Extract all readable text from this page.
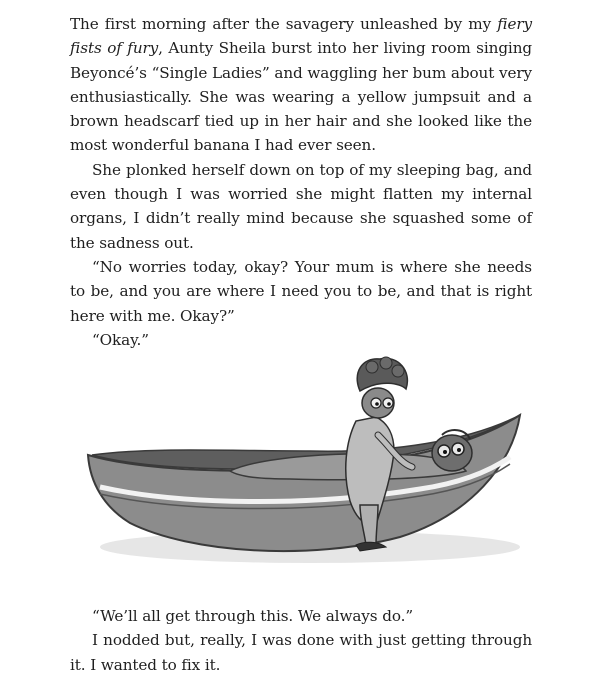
The first morning after the savagery unleashed by my fiery fists of fury, Aunty Sheila burst into her living room singing Beyoncé’s “Single Ladies” and waggling her bum about very enthusiastically. She was wearing a yellow jumpsuit and a brown headscarf tied up in her hair and she looked like the most wonderful banana I had ever seen.

She plonked herself down on top of my sleeping bag, and even though I was worried she might flatten my internal organs, I didn’t really mind because she squashed some of the sadness out.

“No worries today, okay? Your mum is where she needs to be, and you are where I need you to be, and that is right here with me. Okay?”

“Okay.”

“We’ll all get through this. We always do.”

I nodded but, really, I was done with just getting through it. I wanted to fix it.
